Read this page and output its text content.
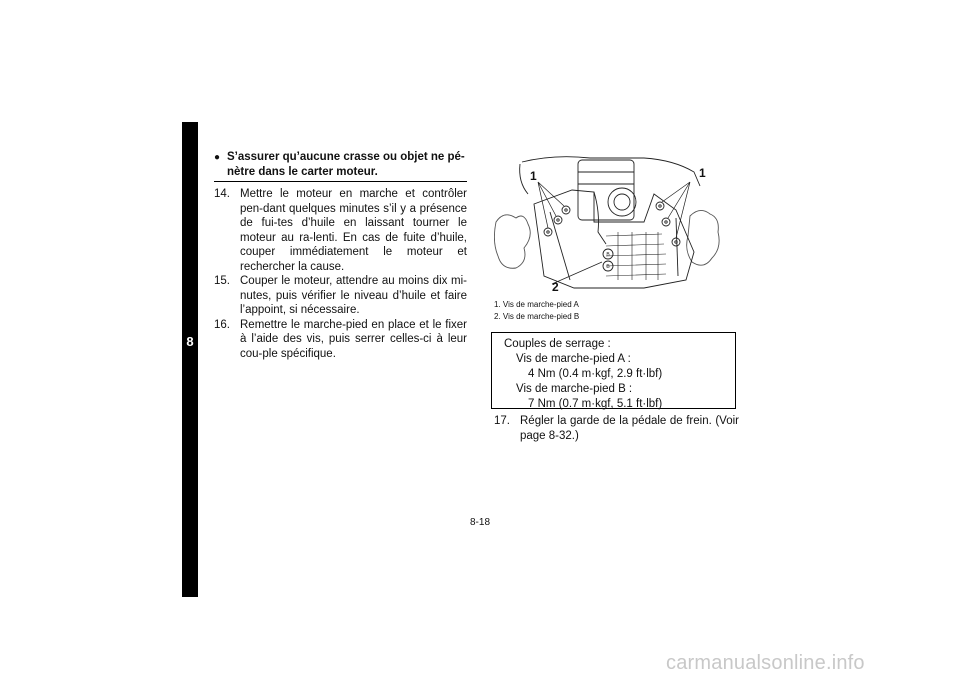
8
● S’assurer qu’aucune crasse ou objet ne pé-nètre dans le carter moteur.
14. Mettre le moteur en marche et contrôler pen-dant quelques minutes s’il y a présence de fui-tes d’huile en laissant tourner le moteur au ra-lenti. En cas de fuite d’huile, couper immédiatement le moteur et rechercher la cause.
15. Couper le moteur, attendre au moins dix mi-nutes, puis vérifier le niveau d’huile et faire l’appoint, si nécessaire.
16. Remettre le marche-pied en place et le fixer à l’aide des vis, puis serrer celles-ci à leur cou-ple spécifique.
B
B
1	1
2
1. Vis de marche-pied A
2. Vis de marche-pied B
Couples de serrage :
Vis de marche-pied A :
4 Nm (0.4 m·kgf, 2.9 ft·lbf)
Vis de marche-pied B :
7 Nm (0.7 m·kgf, 5.1 ft·lbf)
17. Régler la garde de la pédale de frein. (Voir page 8-32.)
8-18
carmanualsonline.info
